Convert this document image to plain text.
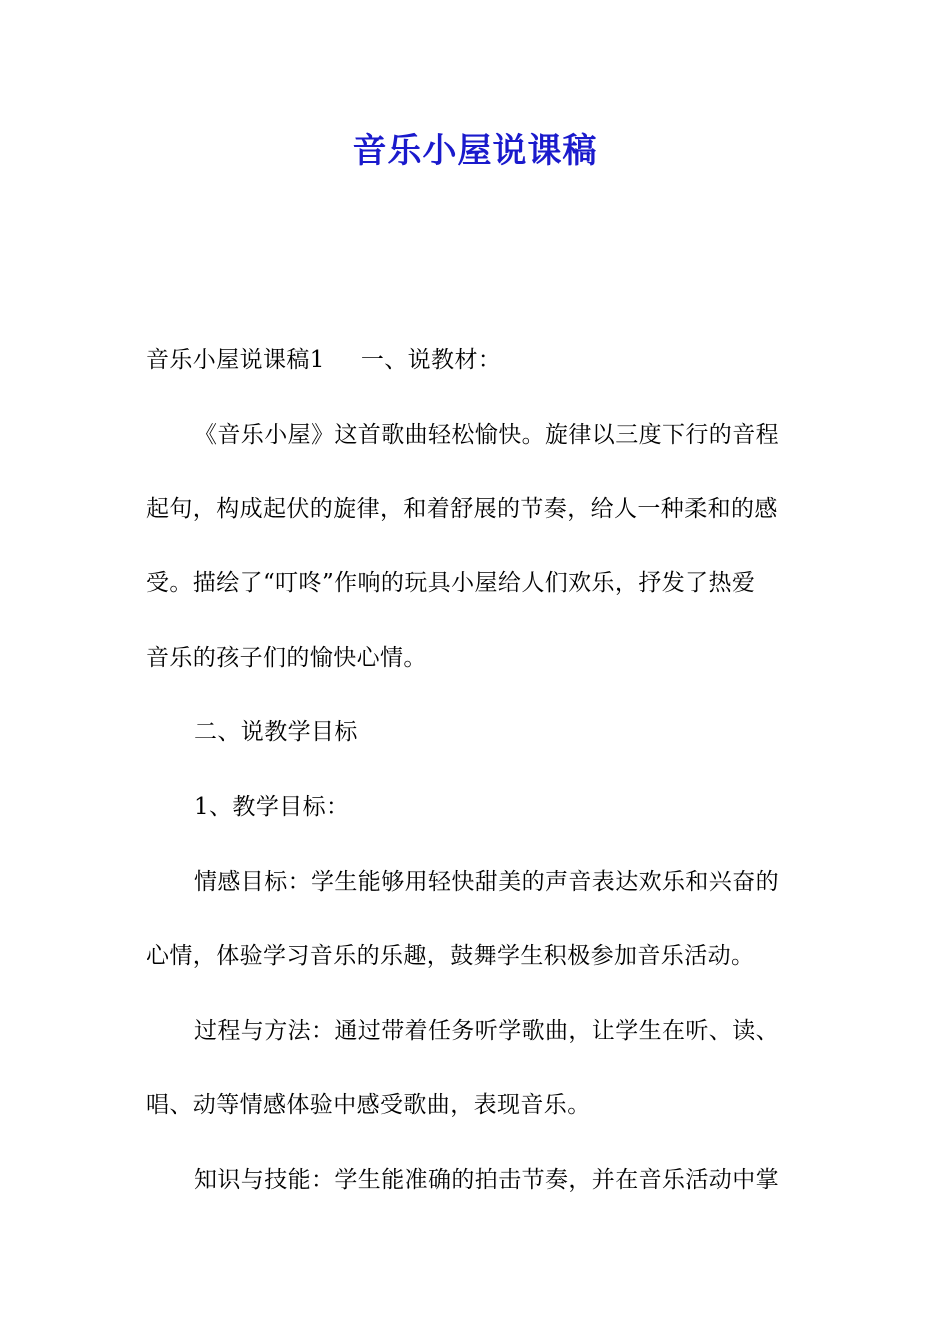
音乐小屋说课稿
音乐小屋说课稿1 一、说教材：
《音乐小屋》这首歌曲轻松愉快。旋律以三度下行的音程
起句，构成起伏的旋律，和着舒展的节奏，给人一种柔和的感
受。描绘了“叮咚”作响的玩具小屋给人们欢乐，抒发了热爱
音乐的孩子们的愉快心情。
二、说教学目标
1、教学目标：
情感目标：学生能够用轻快甜美的声音表达欢乐和兴奋的
心情，体验学习音乐的乐趣，鼓舞学生积极参加音乐活动。
过程与方法：通过带着任务听学歌曲，让学生在听、读、
唱、动等情感体验中感受歌曲，表现音乐。
知识与技能：学生能准确的拍击节奏，并在音乐活动中掌
